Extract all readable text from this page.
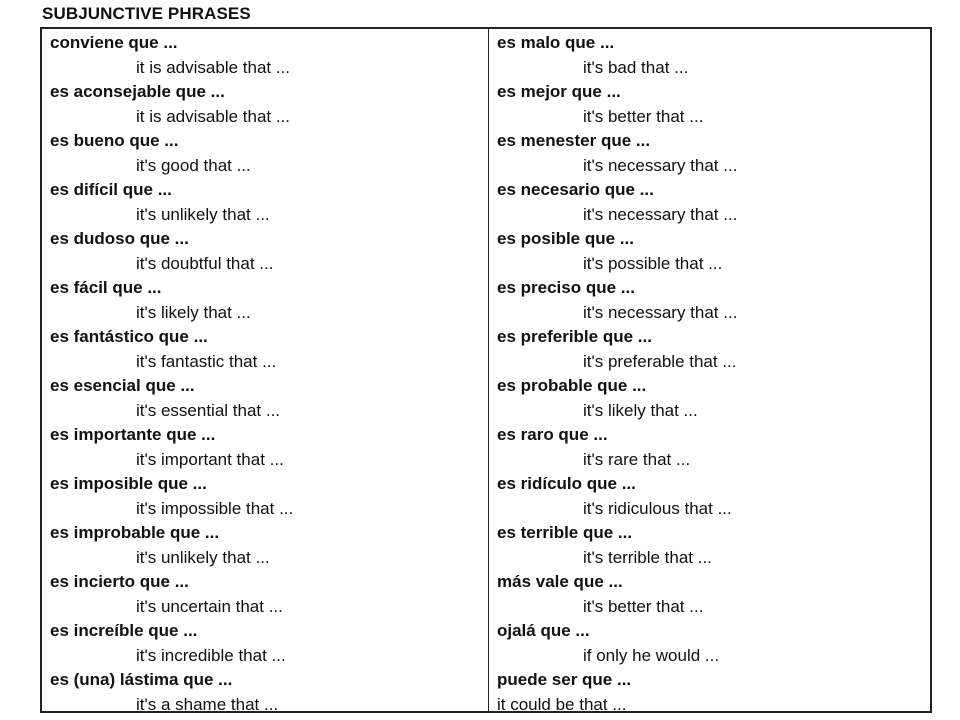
SUBJUNCTIVE PHRASES
conviene que ...
it is advisable that ...
es aconsejable que ...
it is advisable that ...
es bueno que ...
it's good that ...
es difícil que ...
it's unlikely that ...
es dudoso que ...
it's doubtful that ...
es fácil que ...
it's likely that ...
es fantástico que ...
it's fantastic that ...
es esencial que ...
it's essential that ...
es importante que ...
it's important that ...
es imposible que ...
it's impossible that ...
es improbable que ...
it's unlikely that ...
es incierto que ...
it's uncertain that ...
es increíble que ...
it's incredible that ...
es (una) lástima que ...
it's a shame that ...
es malo que ...
it's bad that ...
es mejor que ...
it's better that ...
es menester que ...
it's necessary that ...
es necesario que ...
it's necessary that ...
es posible que ...
it's possible that ...
es preciso que ...
it's necessary that ...
es preferible que ...
it's preferable that ...
es probable que ...
it's likely that ...
es raro que ...
it's rare that ...
es ridículo que ...
it's ridiculous that ...
es terrible que ...
it's terrible that ...
más vale que ...
it's better that ...
ojalá que ...
if only he would ...
puede ser que ...
it could be that ...
